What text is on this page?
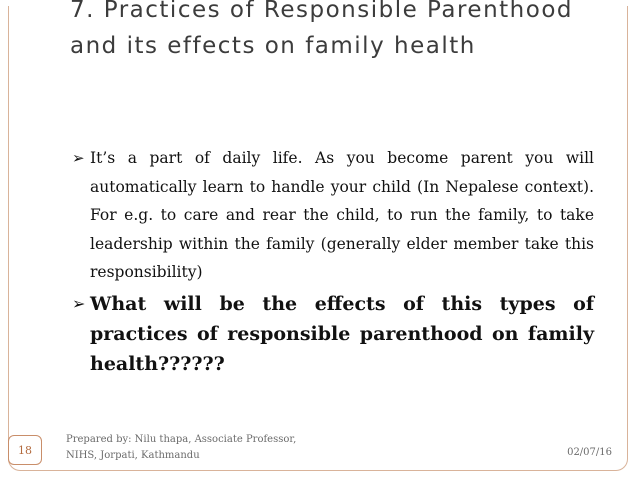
7. Practices of Responsible Parenthood and its effects on family health

➢ It’s a part of daily life. As you become parent you will automatically learn to handle your child (In Nepalese context). For e.g. to care and rear the child, to run the family, to take leadership within the family (generally elder member take this responsibility)

➢ What will be the effects of this types of practices of responsible parenthood on family health??????

18
Prepared by: Nilu thapa, Associate Professor, NIHS, Jorpati, Kathmandu	02/07/16
